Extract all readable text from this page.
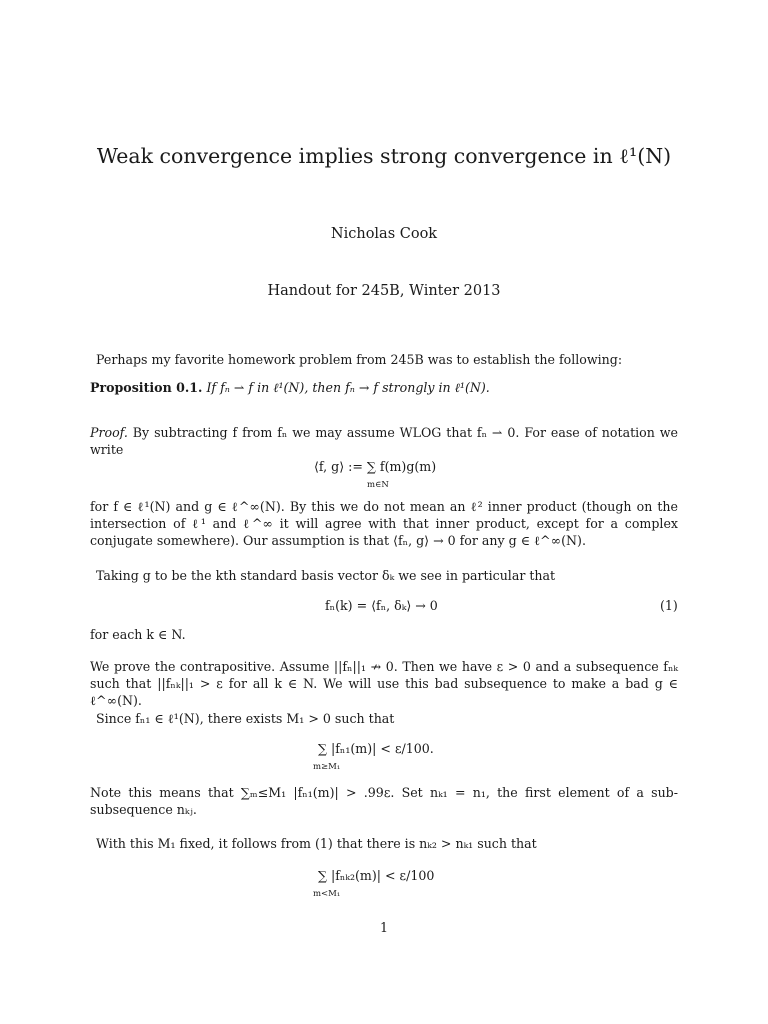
Weak convergence implies strong convergence in ℓ¹(N)
Nicholas Cook
Handout for 245B, Winter 2013
Perhaps my favorite homework problem from 245B was to establish the following:
Proposition 0.1. If fₙ ⇀ f in ℓ¹(N), then fₙ → f strongly in ℓ¹(N).
Proof. By subtracting f from fₙ we may assume WLOG that fₙ ⇀ 0. For ease of notation we write
⟨f, g⟩ := ∑ f(m)g(m)
m∈N
for f ∈ ℓ¹(N) and g ∈ ℓ^∞(N). By this we do not mean an ℓ² inner product (though on the intersection of ℓ¹ and ℓ^∞ it will agree with that inner product, except for a complex conjugate somewhere). Our assumption is that ⟨fₙ, g⟩ → 0 for any g ∈ ℓ^∞(N).
Taking g to be the kth standard basis vector δₖ we see in particular that
fₙ(k) = ⟨fₙ, δₖ⟩ → 0	(1)
for each k ∈ N.
We prove the contrapositive. Assume ||fₙ||₁ ↛ 0. Then we have ε > 0 and a subsequence fₙₖ such that ||fₙₖ||₁ > ε for all k ∈ N. We will use this bad subsequence to make a bad g ∈ ℓ^∞(N).
Since fₙ₁ ∈ ℓ¹(N), there exists M₁ > 0 such that
∑ |fₙ₁(m)| < ε/100.
m≥M₁
Note this means that ∑ₘ≤M₁ |fₙ₁(m)| > .99ε. Set nₖ₁ = n₁, the first element of a sub-subsequence nₖⱼ.
With this M₁ fixed, it follows from (1) that there is nₖ₂ > nₖ₁ such that
∑ |fₙₖ₂(m)| < ε/100
m<M₁
1
